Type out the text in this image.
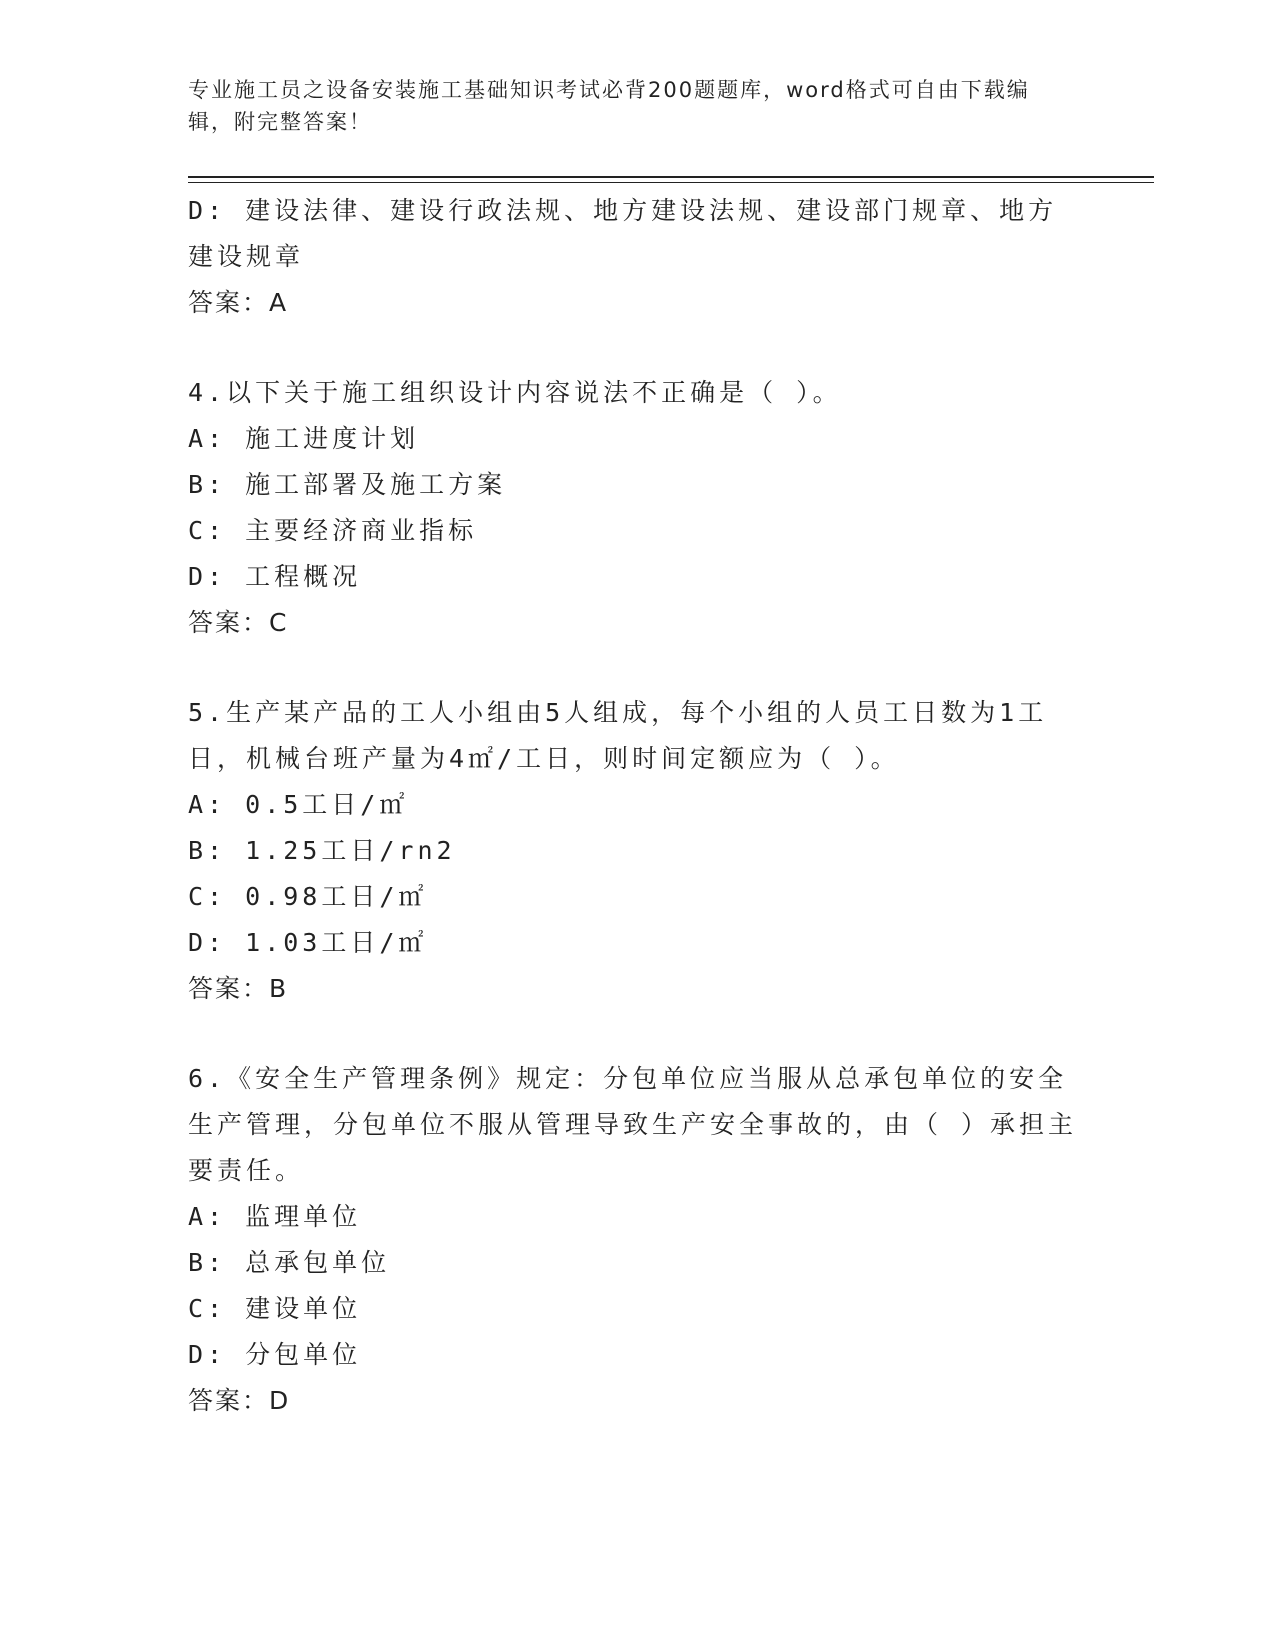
专业施工员之设备安装施工基础知识考试必背200题题库，word格式可自由下载编辑，附完整答案！
D: 建设法律、建设行政法规、地方建设法规、建设部门规章、地方建设规章
答案：A
4.以下关于施工组织设计内容说法不正确是（ ）。
A: 施工进度计划
B: 施工部署及施工方案
C: 主要经济商业指标
D: 工程概况
答案：C
5.生产某产品的工人小组由5人组成，每个小组的人员工日数为1工日，机械台班产量为4㎡/工日，则时间定额应为（ ）。
A: 0.5工日/㎡
B: 1.25工日/rn2
C: 0.98工日/㎡
D: 1.03工日/㎡
答案：B
6.《安全生产管理条例》规定：分包单位应当服从总承包单位的安全生产管理，分包单位不服从管理导致生产安全事故的，由（ ）承担主要责任。
A: 监理单位
B: 总承包单位
C: 建设单位
D: 分包单位
答案：D
